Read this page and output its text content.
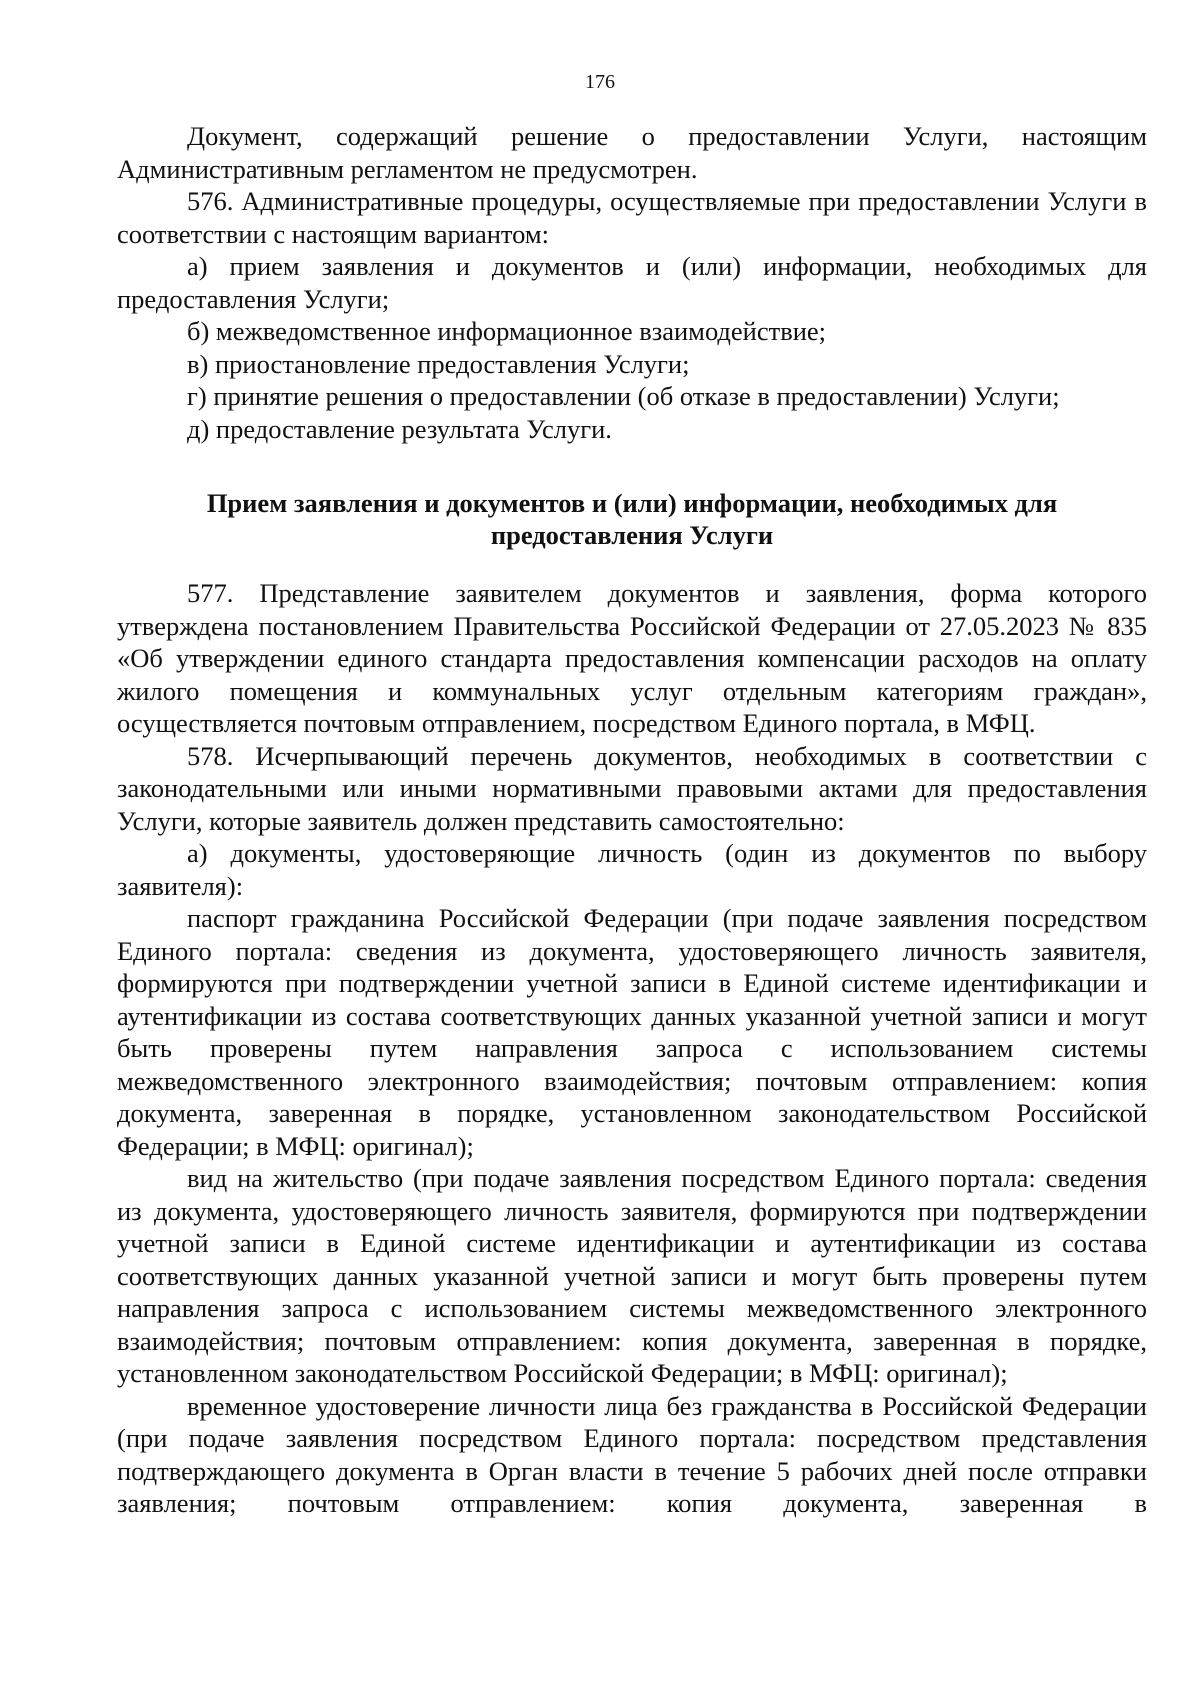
176

Документ, содержащий решение о предоставлении Услуги, настоящим Административным регламентом не предусмотрен.

576. Административные процедуры, осуществляемые при предоставлении Услуги в соответствии с настоящим вариантом:

а) прием заявления и документов и (или) информации, необходимых для предоставления Услуги;

б) межведомственное информационное взаимодействие;

в) приостановление предоставления Услуги;

г) принятие решения о предоставлении (об отказе в предоставлении) Услуги;

д) предоставление результата Услуги.

Прием заявления и документов и (или) информации, необходимых для
предоставления Услуги

577. Представление заявителем документов и заявления, форма которого утверждена постановлением Правительства Российской Федерации от 27.05.2023 № 835 «Об утверждении единого стандарта предоставления компенсации расходов на оплату жилого помещения и коммунальных услуг отдельным категориям граждан», осуществляется почтовым отправлением, посредством Единого портала, в МФЦ.

578. Исчерпывающий перечень документов, необходимых в соответствии с законодательными или иными нормативными правовыми актами для предоставления Услуги, которые заявитель должен представить самостоятельно:

а) документы, удостоверяющие личность (один из документов по выбору заявителя):

паспорт гражданина Российской Федерации (при подаче заявления посредством Единого портала: сведения из документа, удостоверяющего личность заявителя, формируются при подтверждении учетной записи в Единой системе идентификации и аутентификации из состава соответствующих данных указанной учетной записи и могут быть проверены путем направления запроса с использованием системы межведомственного электронного взаимодействия; почтовым отправлением: копия документа, заверенная в порядке, установленном законодательством Российской Федерации; в МФЦ: оригинал);

вид на жительство (при подаче заявления посредством Единого портала: сведения из документа, удостоверяющего личность заявителя, формируются при подтверждении учетной записи в Единой системе идентификации и аутентификации из состава соответствующих данных указанной учетной записи и могут быть проверены путем направления запроса с использованием системы межведомственного электронного взаимодействия; почтовым отправлением: копия документа, заверенная в порядке, установленном законодательством Российской Федерации; в МФЦ: оригинал);

временное удостоверение личности лица без гражданства в Российской Федерации (при подаче заявления посредством Единого портала: посредством представления подтверждающего документа в Орган власти в течение 5 рабочих дней после отправки заявления; почтовым отправлением: копия документа, заверенная в
